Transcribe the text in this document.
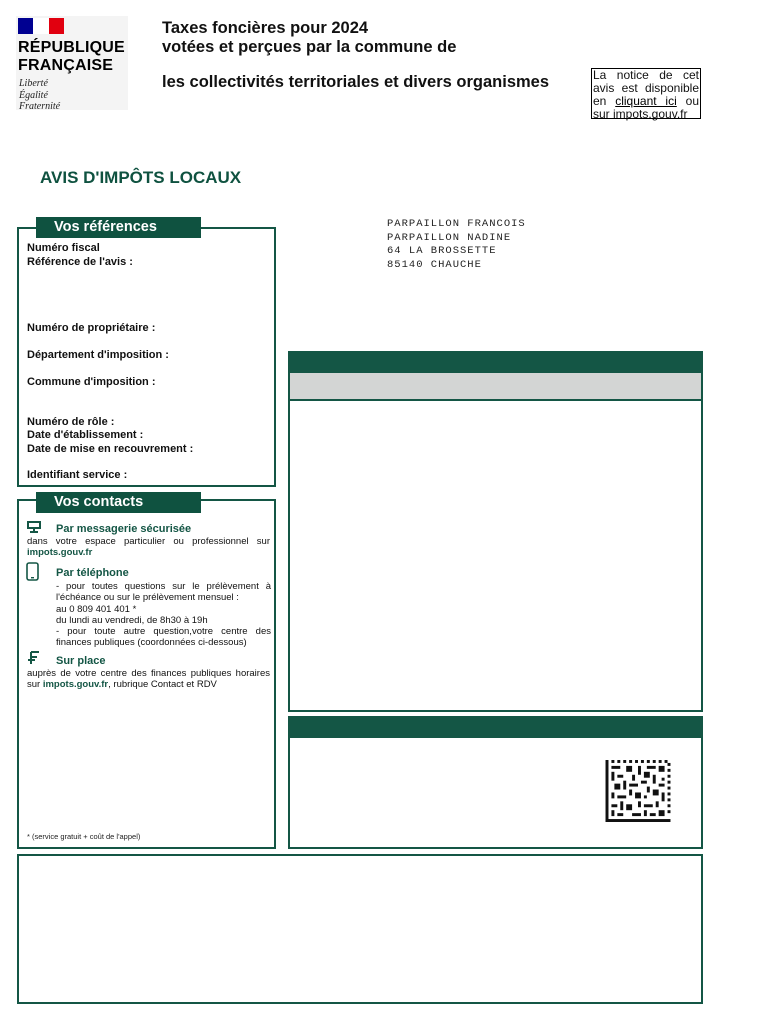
RÉPUBLIQUE
FRANÇAISE
Liberté
Égalité
Fraternité
Taxes foncières pour 2024
votées et perçues par la commune de
les collectivités territoriales et divers organismes	La notice de cet avis est disponible en cliquant ici ou sur impots.gouv.fr
AVIS D'IMPÔTS LOCAUX
PARPAILLON FRANCOIS
PARPAILLON NADINE
64 LA BROSSETTE
85140 CHAUCHE
Vos références
Numéro fiscal
Référence de l'avis :
Numéro de propriétaire :
Département d'imposition :
Commune d'imposition :
Numéro de rôle :
Date d'établissement :
Date de mise en recouvrement :
Identifiant service :
Vos contacts
Par messagerie sécurisée
dans votre espace particulier ou professionnel sur impots.gouv.fr
Par téléphone
- pour toutes questions sur le prélèvement à l'échéance ou sur le prélèvement mensuel :
au 0 809 401 401 *
du lundi au vendredi, de 8h30 à 19h
- pour toute autre question,votre centre des finances publiques (coordonnées ci-dessous)
Sur place
auprès de votre centre des finances publiques horaires sur impots.gouv.fr, rubrique Contact et RDV
* (service gratuit + coût de l'appel)
